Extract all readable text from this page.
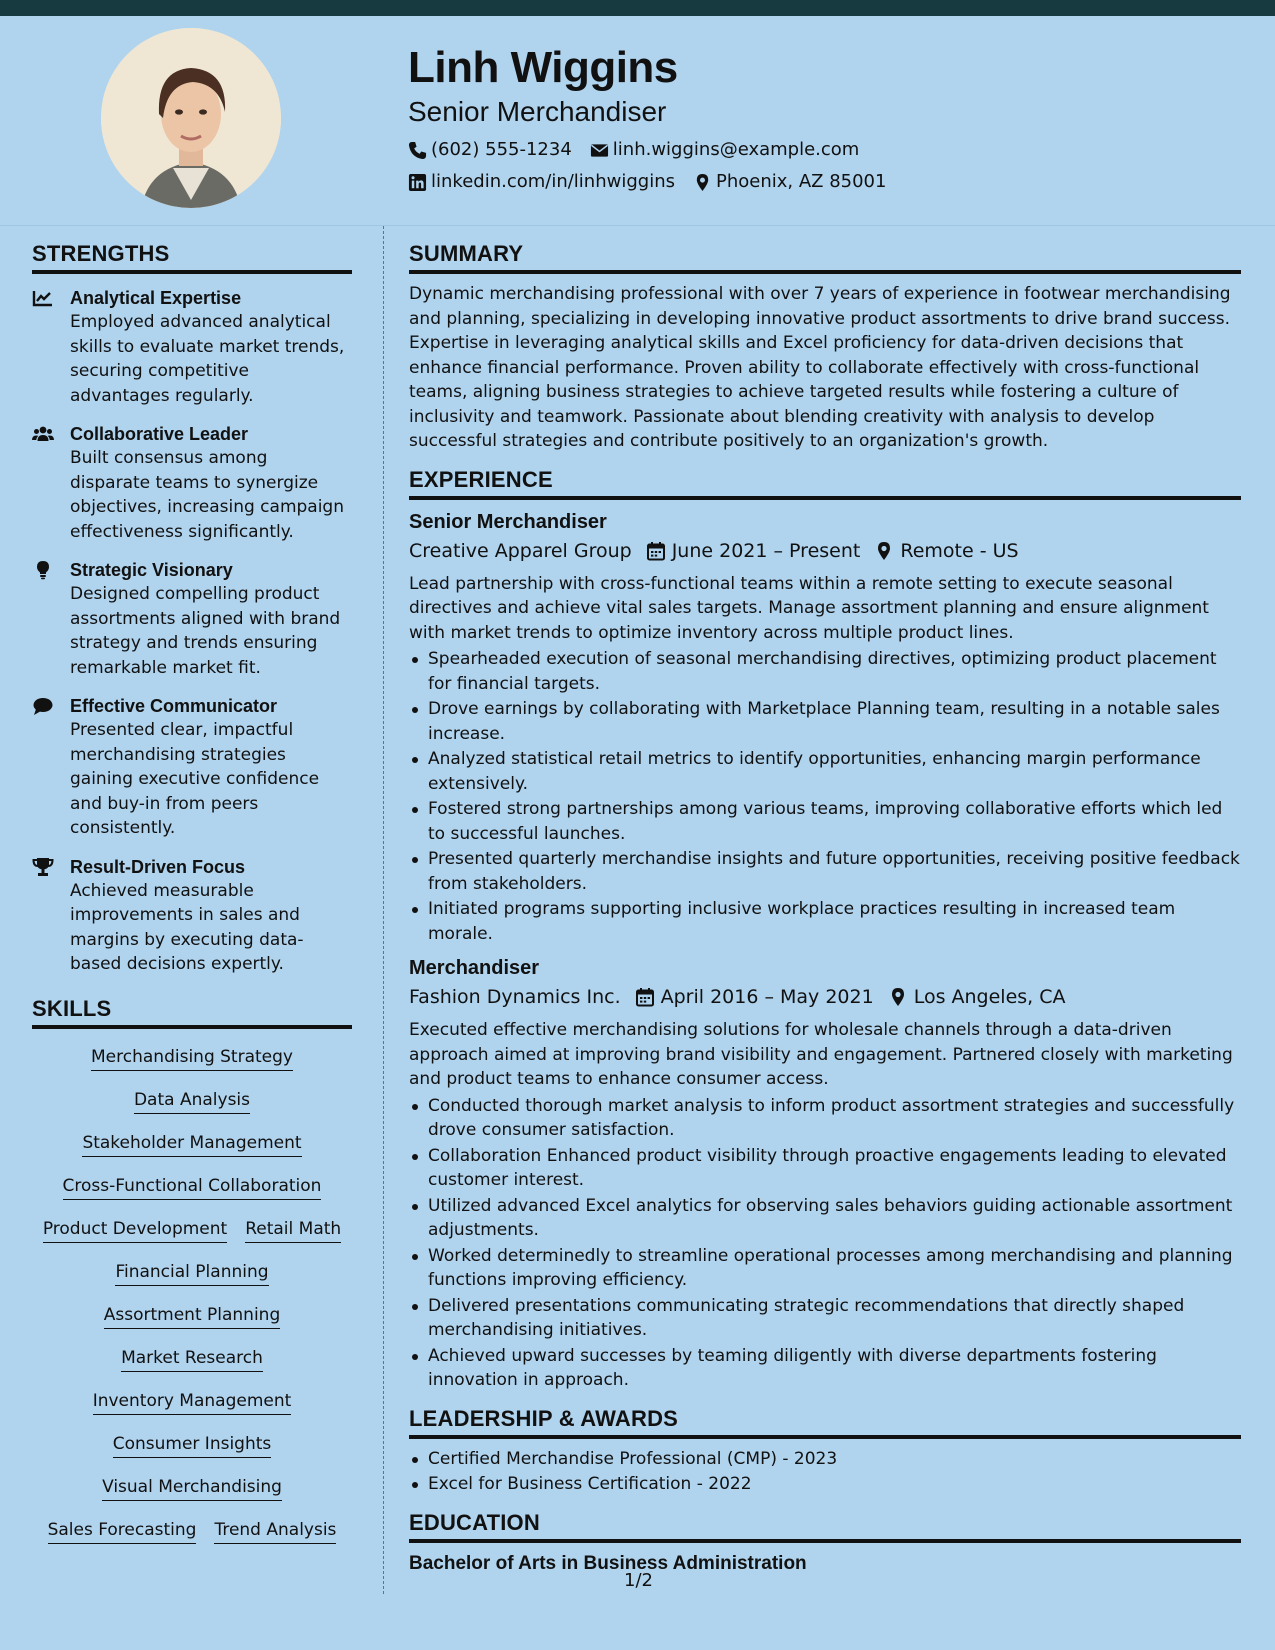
Linh Wiggins
Senior Merchandiser
(602) 555-1234 linh.wiggins@example.com
linkedin.com/in/linhwiggins Phoenix, AZ 85001
STRENGTHS
Analytical Expertise
Employed advanced analytical skills to evaluate market trends, securing competitive advantages regularly.
Collaborative Leader
Built consensus among disparate teams to synergize objectives, increasing campaign effectiveness significantly.
Strategic Visionary
Designed compelling product assortments aligned with brand strategy and trends ensuring remarkable market fit.
Effective Communicator
Presented clear, impactful merchandising strategies gaining executive confidence and buy-in from peers consistently.
Result-Driven Focus
Achieved measurable improvements in sales and margins by executing data-based decisions expertly.
SKILLS
Merchandising Strategy
Data Analysis
Stakeholder Management
Cross-Functional Collaboration
Product Development Retail Math
Financial Planning
Assortment Planning
Market Research
Inventory Management
Consumer Insights
Visual Merchandising
Sales Forecasting Trend Analysis
SUMMARY
Dynamic merchandising professional with over 7 years of experience in footwear merchandising and planning, specializing in developing innovative product assortments to drive brand success. Expertise in leveraging analytical skills and Excel proficiency for data-driven decisions that enhance financial performance. Proven ability to collaborate effectively with cross-functional teams, aligning business strategies to achieve targeted results while fostering a culture of inclusivity and teamwork. Passionate about blending creativity with analysis to develop successful strategies and contribute positively to an organization's growth.
EXPERIENCE
Senior Merchandiser
Creative Apparel Group June 2021 – Present Remote - US
Lead partnership with cross-functional teams within a remote setting to execute seasonal directives and achieve vital sales targets. Manage assortment planning and ensure alignment with market trends to optimize inventory across multiple product lines.
Spearheaded execution of seasonal merchandising directives, optimizing product placement for financial targets.
Drove earnings by collaborating with Marketplace Planning team, resulting in a notable sales increase.
Analyzed statistical retail metrics to identify opportunities, enhancing margin performance extensively.
Fostered strong partnerships among various teams, improving collaborative efforts which led to successful launches.
Presented quarterly merchandise insights and future opportunities, receiving positive feedback from stakeholders.
Initiated programs supporting inclusive workplace practices resulting in increased team morale.
Merchandiser
Fashion Dynamics Inc. April 2016 – May 2021 Los Angeles, CA
Executed effective merchandising solutions for wholesale channels through a data-driven approach aimed at improving brand visibility and engagement. Partnered closely with marketing and product teams to enhance consumer access.
Conducted thorough market analysis to inform product assortment strategies and successfully drove consumer satisfaction.
Collaboration Enhanced product visibility through proactive engagements leading to elevated customer interest.
Utilized advanced Excel analytics for observing sales behaviors guiding actionable assortment adjustments.
Worked determinedly to streamline operational processes among merchandising and planning functions improving efficiency.
Delivered presentations communicating strategic recommendations that directly shaped merchandising initiatives.
Achieved upward successes by teaming diligently with diverse departments fostering innovation in approach.
LEADERSHIP & AWARDS
Certified Merchandise Professional (CMP) - 2023
Excel for Business Certification - 2022
EDUCATION
Bachelor of Arts in Business Administration
1/2
